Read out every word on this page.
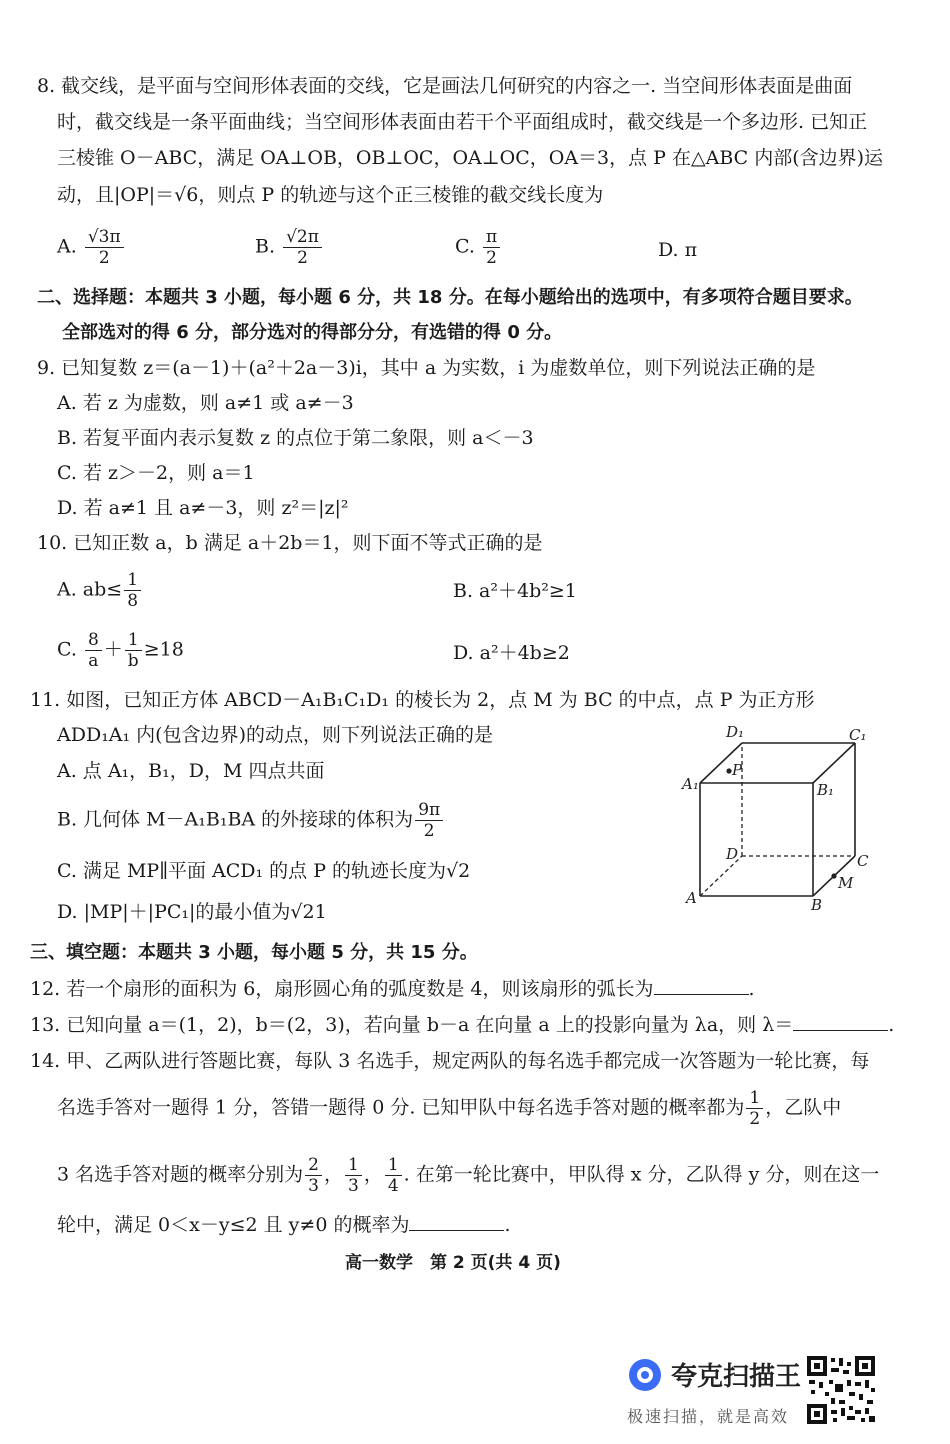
8. 截交线，是平面与空间形体表面的交线，它是画法几何研究的内容之一. 当空间形体表面是曲面
时，截交线是一条平面曲线；当空间形体表面由若干个平面组成时，截交线是一个多边形. 已知正
三棱锥 O－ABC，满足 OA⊥OB，OB⊥OC，OA⊥OC，OA＝3，点 P 在△ABC 内部(含边界)运
动，且|OP|＝√6，则点 P 的轨迹与这个正三棱锥的截交线长度为
A. $\frac{√3\pi}{2}$	B. $\frac{√2\pi}{2}$	C. $\frac{\pi}{2}$	D. π
二、选择题：本题共 3 小题，每小题 6 分，共 18 分。在每小题给出的选项中，有多项符合题目要求。
全部选对的得 6 分，部分选对的得部分分，有选错的得 0 分。
9. 已知复数 z＝(a－1)＋(a²＋2a－3)i，其中 a 为实数，i 为虚数单位，则下列说法正确的是
A. 若 z 为虚数，则 a≠1 或 a≠－3
B. 若复平面内表示复数 z 的点位于第二象限，则 a＜－3
C. 若 z＞－2，则 a＝1
D. 若 a≠1 且 a≠－3，则 z²＝|z|²
10. 已知正数 a，b 满足 a＋2b＝1，则下面不等式正确的是
A. $ab\le \frac{1}{8}$	B. a²＋4b²≥1
C. $\frac{8}{a} + \frac{1}{b} \ge 18$	D. a²＋4b≥2
11. 如图，已知正方体 ABCD－A₁B₁C₁D₁ 的棱长为 2，点 M 为 BC 的中点，点 P 为正方形
ADD₁A₁ 内(包含边界)的动点，则下列说法正确的是
A. 点 A₁，B₁，D，M 四点共面
B. 几何体 M－A₁B₁BA 的外接球的体积为 $\frac{9\pi}{2}$
C. 满足 MP∥平面 ACD₁ 的点 P 的轨迹长度为√2
D. |MP|＋|PC₁|的最小值为√21
D₁	C₁
A₁	B₁
P
D	C
A	B
M
三、填空题：本题共 3 小题，每小题 5 分，共 15 分。
12. 若一个扇形的面积为 6，扇形圆心角的弧度数是 4，则该扇形的弧长为	.
13. 已知向量 a＝(1，2)，b＝(2，3)，若向量 b－a 在向量 a 上的投影向量为 λa，则 λ＝	.
14. 甲、乙两队进行答题比赛，每队 3 名选手，规定两队的每名选手都完成一次答题为一轮比赛，每
名选手答对一题得 1 分，答错一题得 0 分. 已知甲队中每名选手答对题的概率都为 $\frac{1}{2}$ ，乙队中
3 名选手答对题的概率分别为 $\frac{2}{3}$ ， $\frac{1}{3}$ ， $\frac{1}{4}$ . 在第一轮比赛中，甲队得 x 分，乙队得 y 分，则在这一
轮中，满足 0＜x－y≤2 且 y≠0 的概率为	.
高一数学　第 2 页(共 4 页)
夸克扫描王
极速扫描，就是高效
